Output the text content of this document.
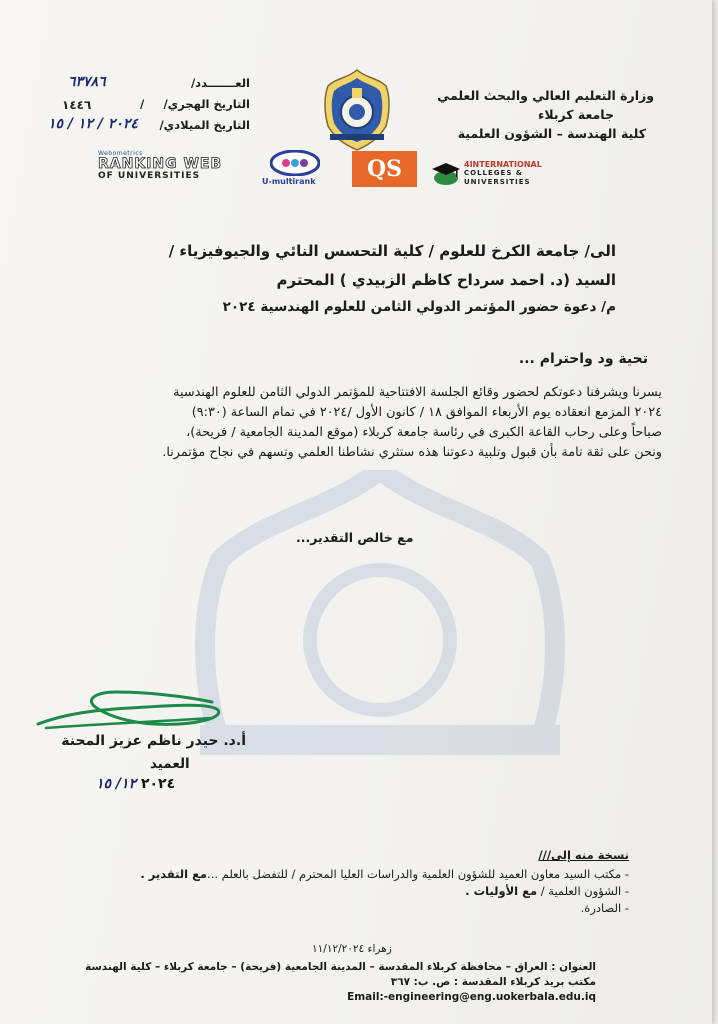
وزارة التعليم العالي والبحث العلمي
جامعة كربلاء
كلية الهندسة – الشؤون العلمية
العـــــــدد/
٦٣٧٨٦
التاريخ الهجري/
/
١٤٤٦
التاريخ الميلادي/
٢٠٢٤ / ١٢ / ١٥
Webometrics
RANKING WEB
OF UNIVERSITIES
U-multirank	QS	4INTERNATIONAL
COLLEGES &
UNIVERSITIES
الى/ جامعة الكرخ للعلوم / كلية التحسس النائي والجيوفيزياء /
السيد (د. احمد سرداح كاظم الزبيدي ) المحترم
م/ دعوة حضور المؤتمر الدولي الثامن للعلوم الهندسية ٢٠٢٤
تحية ود واحترام ...
يسرنا ويشرفنا دعوتكم لحضور وقائع الجلسة الافتتاحية للمؤتمر الدولي الثامن للعلوم الهندسية
٢٠٢٤ المزمع انعقاده يوم الأربعاء الموافق ١٨ / كانون الأول /٢٠٢٤ في تمام الساعة (٩:٣٠)
صباحاً وعلى رحاب القاعة الكبرى في رئاسة جامعة كربلاء (موقع المدينة الجامعية / فريحة)،
ونحن على ثقة تامة بأن قبول وتلبية دعوتنا هذه ستثري نشاطنا العلمي وتسهم في نجاح مؤتمرنا.
مع خالص التقدير...
أ.د. حيدر ناظم عزيز المحنة
العميد
٢٠٢٤ ١٢/ ١٥
نسخة منه إلى///
- مكتب السيد معاون العميد للشؤون العلمية والدراسات العليا المحترم / للتفضل بالعلم ...مع التقدير .
- الشؤون العلمية / مع الأوليات .
- الصادرة.
زهراء ١١/١٢/٢٠٢٤
العنوان : العراق – محافظة كربلاء المقدسة – المدينة الجامعية (فريحة) – جامعة كربلاء – كلية الهندسة
مكتب بريد كربلاء المقدسة : ص. ب: ٣٦٧
Email:-engineering@eng.uokerbala.edu.iq
